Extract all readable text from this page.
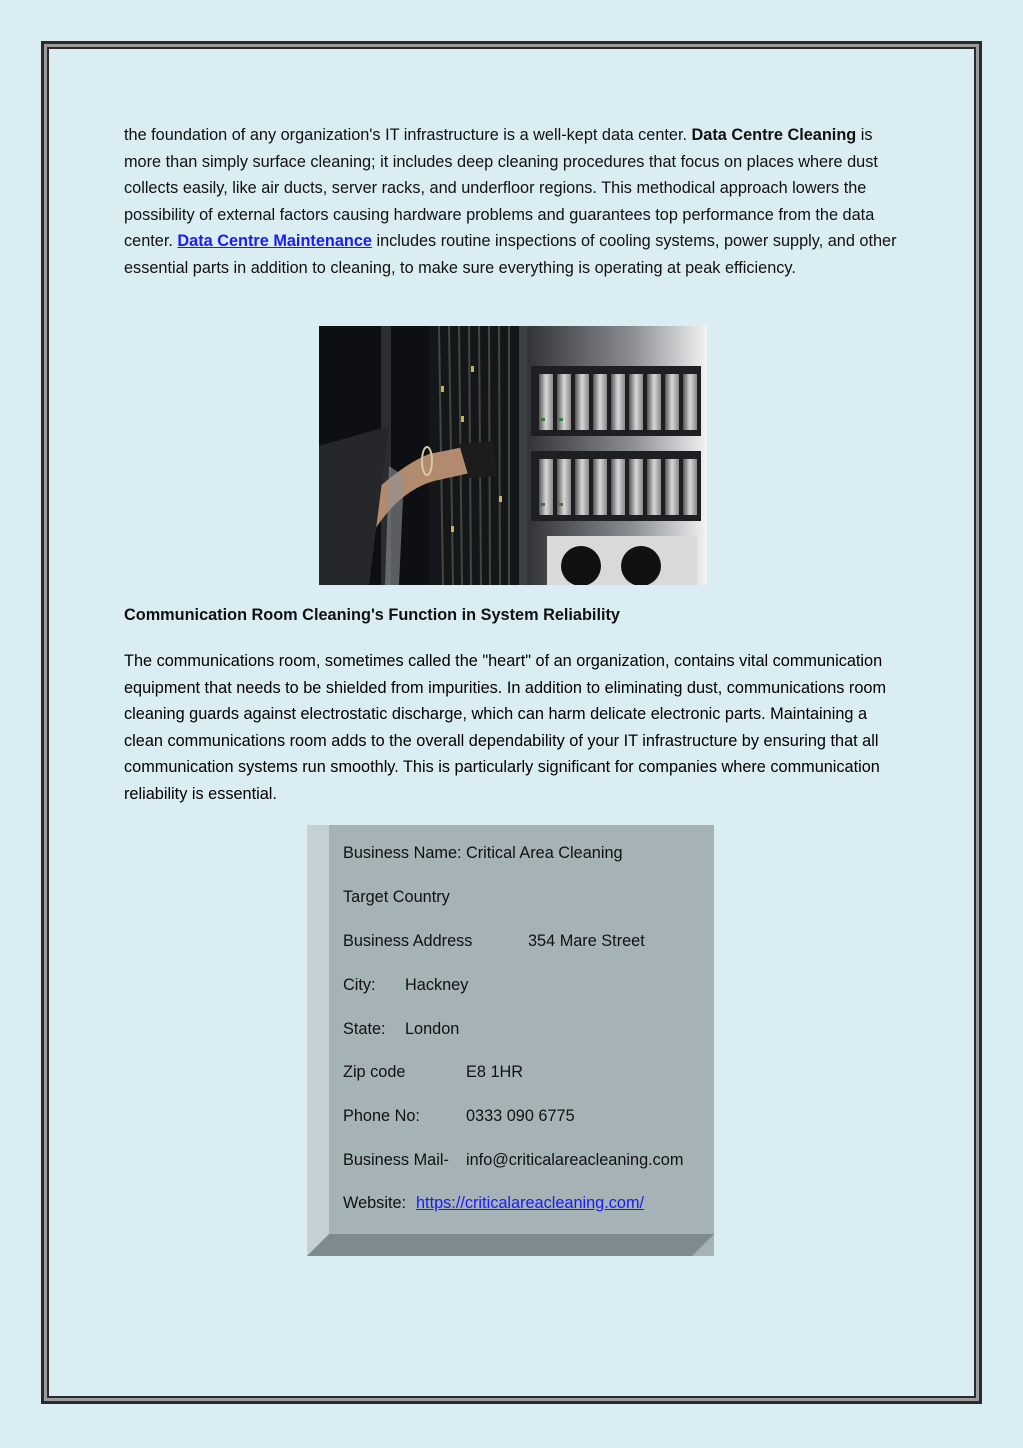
the foundation of any organization's IT infrastructure is a well-kept data center. Data Centre Cleaning is more than simply surface cleaning; it includes deep cleaning procedures that focus on places where dust collects easily, like air ducts, server racks, and underfloor regions. This methodical approach lowers the possibility of external factors causing hardware problems and guarantees top performance from the data center. Data Centre Maintenance includes routine inspections of cooling systems, power supply, and other essential parts in addition to cleaning, to make sure everything is operating at peak efficiency.

Communication Room Cleaning's Function in System Reliability

The communications room, sometimes called the "heart" of an organization, contains vital communication equipment that needs to be shielded from impurities. In addition to eliminating dust, communications room cleaning guards against electrostatic discharge, which can harm delicate electronic parts. Maintaining a clean communications room adds to the overall dependability of your IT infrastructure by ensuring that all communication systems run smoothly. This is particularly significant for companies where communication reliability is essential.

Business Name: Critical Area Cleaning
Target Country
Business Address	354 Mare Street
City: Hackney
State: London
Zip code	E8 1HR
Phone No:	0333 090 6775
Business Mail- info@criticalareacleaning.com
Website: https://criticalareacleaning.com/
